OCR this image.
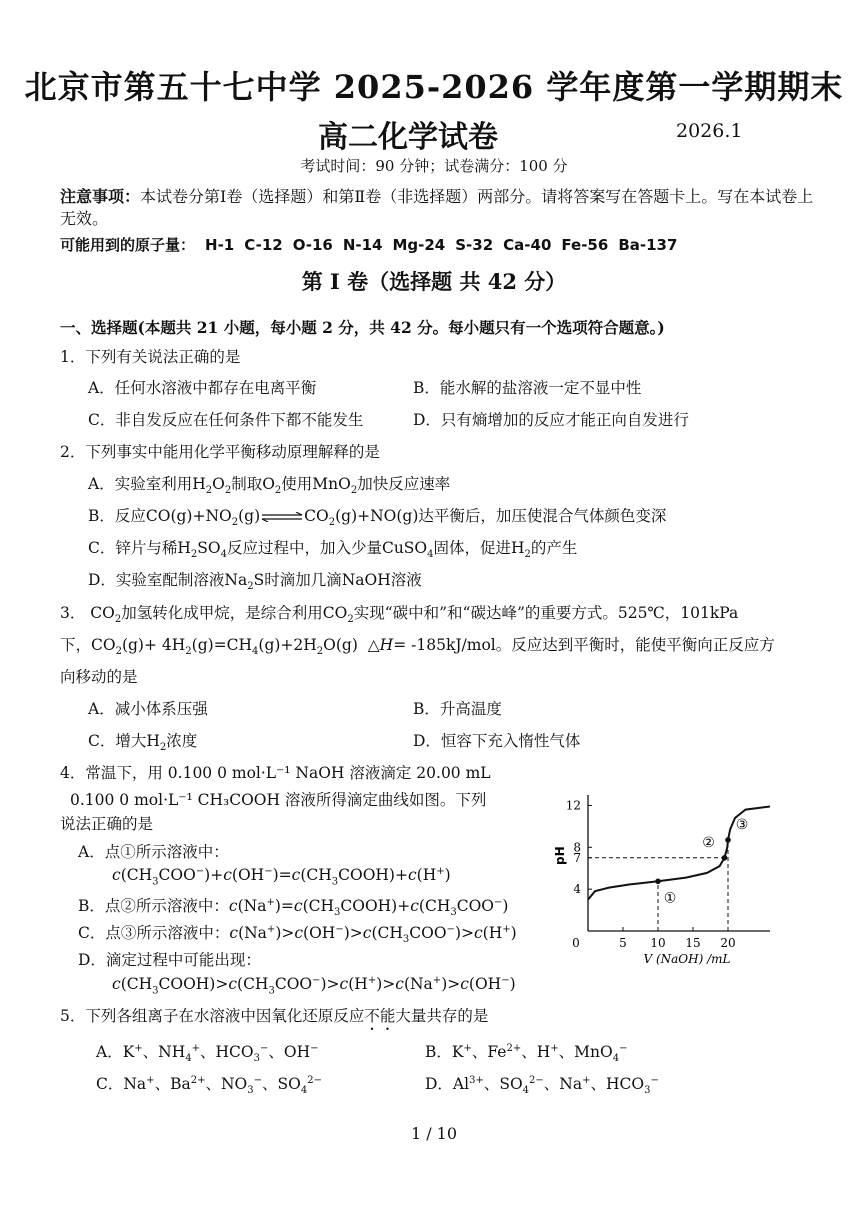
北京市第五十七中学 2025-2026 学年度第一学期期末
高二化学试卷	2026.1
考试时间：90 分钟；试卷满分：100 分
注意事项：本试卷分第Ⅰ卷（选择题）和第Ⅱ卷（非选择题）两部分。请将答案写在答题卡上。写在本试卷上无效。
可能用到的原子量： H-1 C-12 O-16 N-14 Mg-24 S-32 Ca-40 Fe-56 Ba-137
第 I 卷（选择题 共 42 分）
一、选择题(本题共 21 小题，每小题 2 分，共 42 分。每小题只有一个选项符合题意。)
1．下列有关说法正确的是
A．任何水溶液中都存在电离平衡	B．能水解的盐溶液一定不显中性
C．非自发反应在任何条件下都不能发生	D．只有熵增加的反应才能正向自发进行
2．下列事实中能用化学平衡移动原理解释的是
A．实验室利用$H_2O_2$制取$O_2$使用MnO$_2$加快反应速率
B．反应$CO(g)+NO_2(g)\rightleftharpoons CO_2(g)+NO(g)$达平衡后，加压使混合气体颜色变深
C．锌片与稀$H_2SO_4$反应过程中，加入少量CuSO$_4$固体，促进$H_2$的产生
D．实验室配制溶液$Na_2S$时滴加几滴NaOH溶液
3． $CO_2$加氢转化成甲烷，是综合利用$CO_2$实现“碳中和”和“碳达峰”的重要方式。525℃，101kPa
下，$CO_2(g)+ 4H_2(g)=CH_4(g)+2H_2O(g)$  △H= -185kJ/mol。反应达到平衡时，能使平衡向正反应方
向移动的是
A．减小体系压强	B．升高温度
C．增大$H_2$浓度	D．恒容下充入惰性气体
4．常温下，用 0.100 0 mol·L⁻¹ NaOH 溶液滴定 20.00 mL
0.100 0 mol·L⁻¹ CH₃COOH 溶液所得滴定曲线如图。下列
说法正确的是
A．点①所示溶液中：
$c(CH_3COO^-)+c(OH^-)=c(CH_3COOH)+c(H^+)$
B．点②所示溶液中：$c(Na^+)=c(CH_3COOH)+c(CH_3COO^-)$
C．点③所示溶液中：$c(Na^+)>c(OH^-)>c(CH_3COO^-)>c(H^+)$
D．滴定过程中可能出现：
$c(CH_3COOH)>c(CH_3COO^-)>c(H^+)>c(Na^+)>c(OH^-)$
0	5 10 15 20
4
7
8
12
V (NaOH) /mL
pH
①
②
③
5．下列各组离子在水溶液中因氧化还原反应不能大量共存的是
A．K+、$NH_4^+$、$HCO_3^-$、OH−	B．K+、$Fe^{2+}$、H+、MnO$_4$−
C．Na+、$Ba^{2+}$、$NO_3^-$、$SO_4^{2-}$	D．$Al^{3+}$、$SO_4^{2-}$、Na+、$HCO_3^-$
1 / 10
